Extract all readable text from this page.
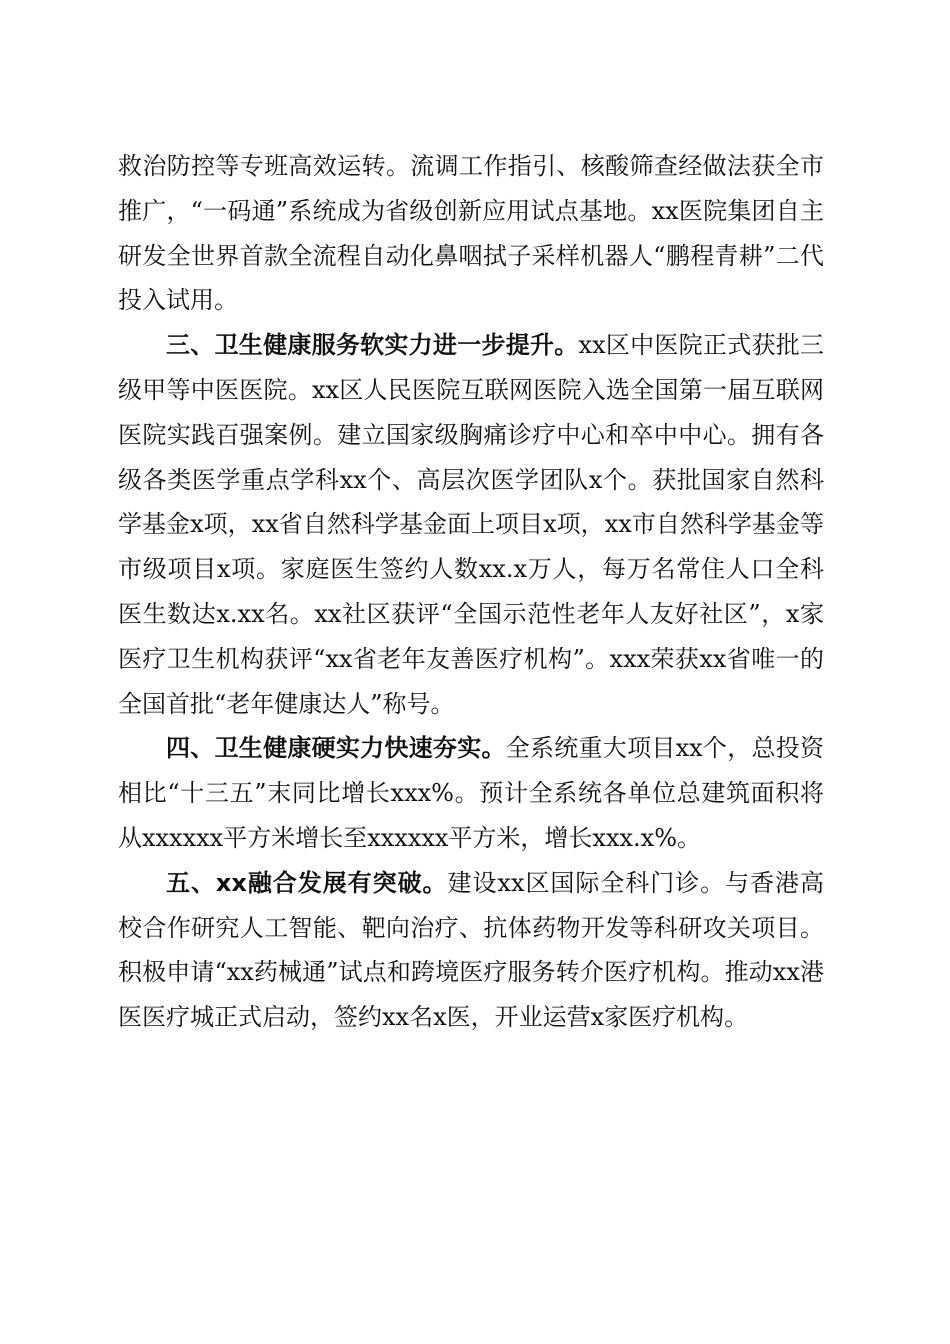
救治防控等专班高效运转。流调工作指引、核酸筛查经做法获全市推广，“一码通”系统成为省级创新应用试点基地。xx医院集团自主研发全世界首款全流程自动化鼻咽拭子采样机器人“鹏程青耕”二代投入试用。

三、卫生健康服务软实力进一步提升。xx区中医院正式获批三级甲等中医医院。xx区人民医院互联网医院入选全国第一届互联网医院实践百强案例。建立国家级胸痛诊疗中心和卒中中心。拥有各级各类医学重点学科xx个、高层次医学团队x个。获批国家自然科学基金x项，xx省自然科学基金面上项目x项，xx市自然科学基金等市级项目x项。家庭医生签约人数xx.x万人，每万名常住人口全科医生数达x.xx名。xx社区获评“全国示范性老年人友好社区”，x家医疗卫生机构获评“xx省老年友善医疗机构”。xxx荣获xx省唯一的全国首批“老年健康达人”称号。

四、卫生健康硬实力快速夯实。全系统重大项目xx个，总投资相比“十三五”末同比增长xxx%。预计全系统各单位总建筑面积将从xxxxxx平方米增长至xxxxxx平方米，增长xxx.x%。

五、xx融合发展有突破。建设xx区国际全科门诊。与香港高校合作研究人工智能、靶向治疗、抗体药物开发等科研攻关项目。积极申请“xx药械通”试点和跨境医疗服务转介医疗机构。推动xx港医医疗城正式启动，签约xx名x医，开业运营x家医疗机构。
